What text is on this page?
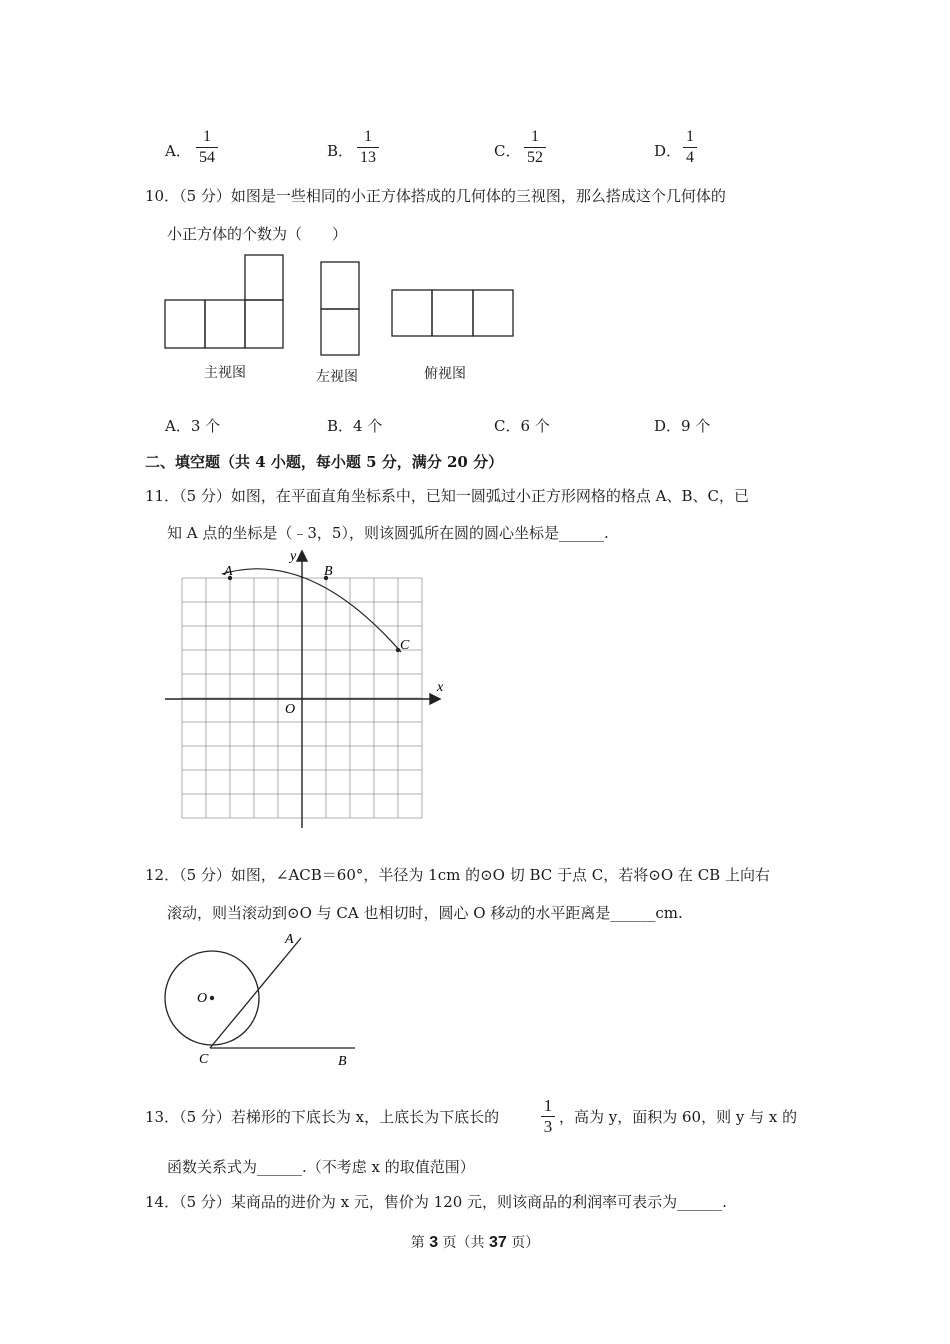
A．
1
54	B．
1
13	C．
1
52	D．
1
4
10．（5 分）如图是一些相同的小正方体搭成的几何体的三视图，那么搭成这个几何体的
小正方体的个数为（　　）
主视图	左视图	俯视图
A．3 个	B．4 个	C．6 个	D．9 个
二、填空题（共 4 小题，每小题 5 分，满分 20 分）
11．（5 分）如图，在平面直角坐标系中，已知一圆弧过小正方形网格的格点 A、B、C，已
知 A 点的坐标是（﹣3，5），则该圆弧所在圆的圆心坐标是______.
A	B
C
O
x
y
12．（5 分）如图，∠ACB＝60°，半径为 1cm 的⊙O 切 BC 于点 C，若将⊙O 在 CB 上向右
滚动，则当滚动到⊙O 与 CA 也相切时，圆心 O 移动的水平距离是______cm.
O
A
C	B
13．（5 分）若梯形的下底长为 x，上底长为下底长的
1
3 ，高为 y，面积为 60，则 y 与 x 的
函数关系式为______.（不考虑 x 的取值范围）
14．（5 分）某商品的进价为 x 元，售价为 120 元，则该商品的利润率可表示为______.
第 3 页（共 37 页）
